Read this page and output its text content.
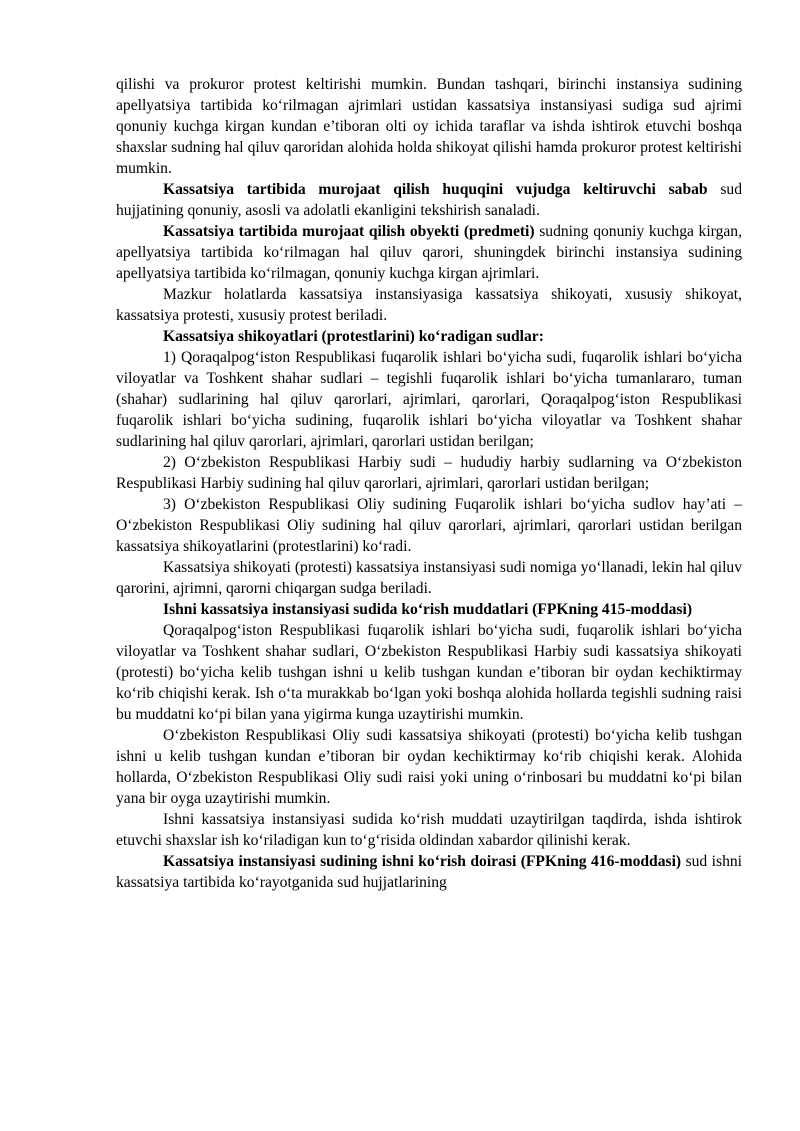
qilishi va prokuror protest keltirishi mumkin. Bundan tashqari, birinchi instansiya sudining apellyatsiya tartibida koʻrilmagan ajrimlari ustidan kassatsiya instansiyasi sudiga sud ajrimi qonuniy kuchga kirgan kundan e’tiboran olti oy ichida taraflar va ishda ishtirok etuvchi boshqa shaxslar sudning hal qiluv qaroridan alohida holda shikoyat qilishi hamda prokuror protest keltirishi mumkin.

Kassatsiya tartibida murojaat qilish huquqini vujudga keltiruvchi sabab sud hujjatining qonuniy, asosli va adolatli ekanligini tekshirish sanaladi.

Kassatsiya tartibida murojaat qilish obyekti (predmeti) sudning qonuniy kuchga kirgan, apellyatsiya tartibida koʻrilmagan hal qiluv qarori, shuningdek birinchi instansiya sudining apellyatsiya tartibida koʻrilmagan, qonuniy kuchga kirgan ajrimlari.

Mazkur holatlarda kassatsiya instansiyasiga kassatsiya shikoyati, xususiy shikoyat, kassatsiya protesti, xususiy protest beriladi.

Kassatsiya shikoyatlari (protestlarini) koʻradigan sudlar:

1) Qoraqalpogʻiston Respublikasi fuqarolik ishlari boʻyicha sudi, fuqarolik ishlari boʻyicha viloyatlar va Toshkent shahar sudlari – tegishli fuqarolik ishlari boʻyicha tumanlararo, tuman (shahar) sudlarining hal qiluv qarorlari, ajrimlari, qarorlari, Qoraqalpogʻiston Respublikasi fuqarolik ishlari boʻyicha sudining, fuqarolik ishlari boʻyicha viloyatlar va Toshkent shahar sudlarining hal qiluv qarorlari, ajrimlari, qarorlari ustidan berilgan;

2) Oʻzbekiston Respublikasi Harbiy sudi – hududiy harbiy sudlarning va Oʻzbekiston Respublikasi Harbiy sudining hal qiluv qarorlari, ajrimlari, qarorlari ustidan berilgan;

3) Oʻzbekiston Respublikasi Oliy sudining Fuqarolik ishlari boʻyicha sudlov hay’ati – Oʻzbekiston Respublikasi Oliy sudining hal qiluv qarorlari, ajrimlari, qarorlari ustidan berilgan kassatsiya shikoyatlarini (protestlarini) koʻradi.

Kassatsiya shikoyati (protesti) kassatsiya instansiyasi sudi nomiga yoʻllanadi, lekin hal qiluv qarorini, ajrimni, qarorni chiqargan sudga beriladi.

Ishni kassatsiya instansiyasi sudida koʻrish muddatlari (FPKning 415-moddasi)

Qoraqalpogʻiston Respublikasi fuqarolik ishlari boʻyicha sudi, fuqarolik ishlari boʻyicha viloyatlar va Toshkent shahar sudlari, Oʻzbekiston Respublikasi Harbiy sudi kassatsiya shikoyati (protesti) boʻyicha kelib tushgan ishni u kelib tushgan kundan e’tiboran bir oydan kechiktirmay koʻrib chiqishi kerak. Ish oʻta murakkab boʻlgan yoki boshqa alohida hollarda tegishli sudning raisi bu muddatni koʻpi bilan yana yigirma kunga uzaytirishi mumkin.

Oʻzbekiston Respublikasi Oliy sudi kassatsiya shikoyati (protesti) boʻyicha kelib tushgan ishni u kelib tushgan kundan e’tiboran bir oydan kechiktirmay koʻrib chiqishi kerak. Alohida hollarda, Oʻzbekiston Respublikasi Oliy sudi raisi yoki uning oʻrinbosari bu muddatni koʻpi bilan yana bir oyga uzaytirishi mumkin.

Ishni kassatsiya instansiyasi sudida koʻrish muddati uzaytirilgan taqdirda, ishda ishtirok etuvchi shaxslar ish koʻriladigan kun toʻgʻrisida oldindan xabardor qilinishi kerak.

Kassatsiya instansiyasi sudining ishni koʻrish doirasi (FPKning 416-moddasi) sud ishni kassatsiya tartibida koʻrayotganida sud hujjatlarining
